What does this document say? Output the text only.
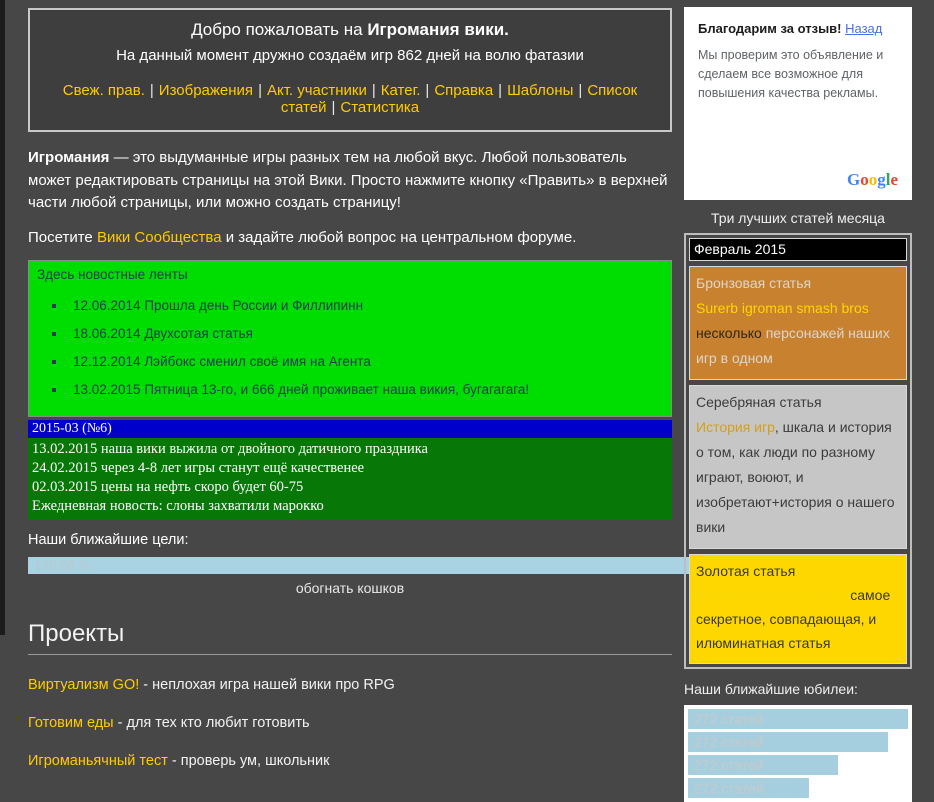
Добро пожаловать на Игромания вики.
На данный момент дружно создаём игр 862 дней на волю фатазии
Свеж. прав. | Изображения | Акт. участники | Катег. | Справка | Шаблоны | Список статей | Статистика
Игромания — это выдуманные игры разных тем на любой вкус. Любой пользователь может редактировать страницы на этой Вики. Просто нажмите кнопку «Править» в верхней части любой страницы, или можно создать страницу!
Посетите Вики Сообщества и задайте любой вопрос на центральном форуме.
Здесь новостные ленты
▪ 12.06.2014 Прошла день России и Филлипинн
▪ 18.06.2014 Двухсотая статья
▪ 12.12.2014 Лэйбокс сменил своё имя на Агента
▪ 13.02.2015 Пятница 13-го, и 666 дней проживает наша викия, бугагагага!
2015-03 (№6)
13.02.2015 наша вики выжила от двойного датичного праздника
24.02.2015 через 4-8 лет игры станут ещё качественее
02.03.2015 цены на нефть скоро будет 60-75
Ежедневная новость: слоны захватили марокко
Наши ближайшие цели:
136.68 %
обогнать кошков
Проекты
Виртуализм GO! - неплохая игра нашей вики про RPG
Готовим еды - для тех кто любит готовить
Игроманьячный тест - проверь ум, школьник
Благодарим за отзыв! Назад
Мы проверим это объявление и сделаем все возможное для повышения качества рекламы.
Google
Три лучших статей месяца
Февраль 2015
Бронзовая статья
Surerb igroman smash bros несколько персонажей наших игр в одном
Серебряная статья
История игр, шкала и история о том, как люди по разному играют, воюют, и изобретают+история о нашего вики
Золотая статья
Иллюминатская статья самое секретное, совпадающая, и илюминатная статья
Наши ближайшие юбилеи:
272 статей
272 статей
272 статей
272 статей
